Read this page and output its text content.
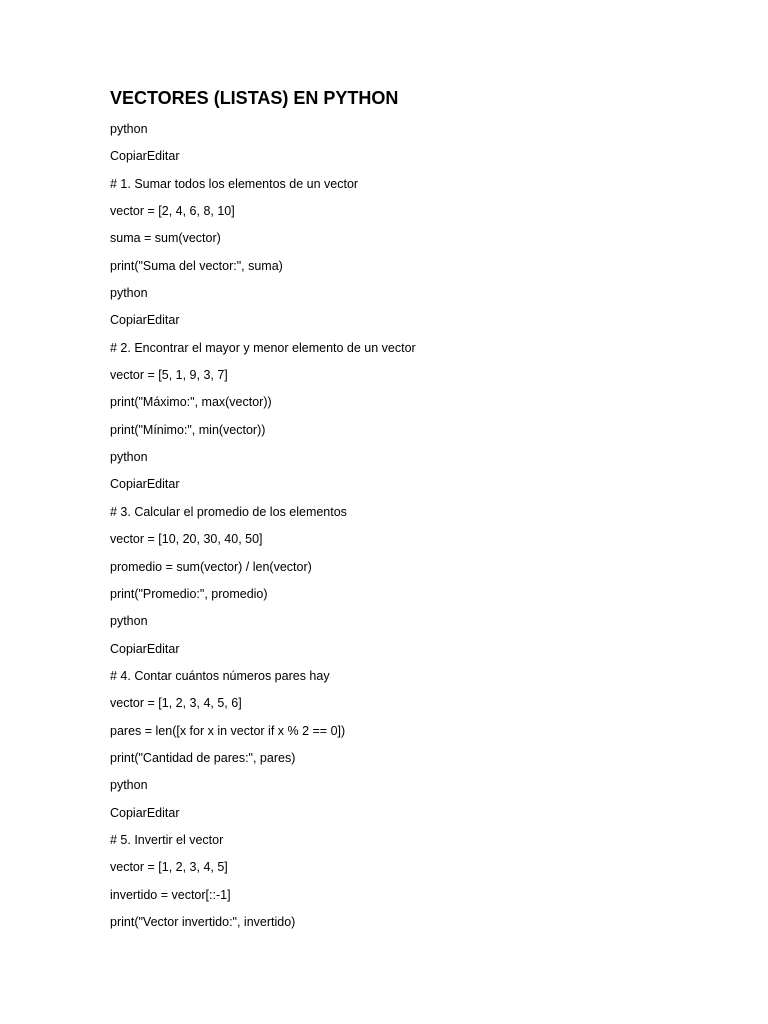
VECTORES (LISTAS) EN PYTHON
python
CopiarEditar
# 1. Sumar todos los elementos de un vector
vector = [2, 4, 6, 8, 10]
suma = sum(vector)
print("Suma del vector:", suma)
python
CopiarEditar
# 2. Encontrar el mayor y menor elemento de un vector
vector = [5, 1, 9, 3, 7]
print("Máximo:", max(vector))
print("Mínimo:", min(vector))
python
CopiarEditar
# 3. Calcular el promedio de los elementos
vector = [10, 20, 30, 40, 50]
promedio = sum(vector) / len(vector)
print("Promedio:", promedio)
python
CopiarEditar
# 4. Contar cuántos números pares hay
vector = [1, 2, 3, 4, 5, 6]
pares = len([x for x in vector if x % 2 == 0])
print("Cantidad de pares:", pares)
python
CopiarEditar
# 5. Invertir el vector
vector = [1, 2, 3, 4, 5]
invertido = vector[::-1]
print("Vector invertido:", invertido)
